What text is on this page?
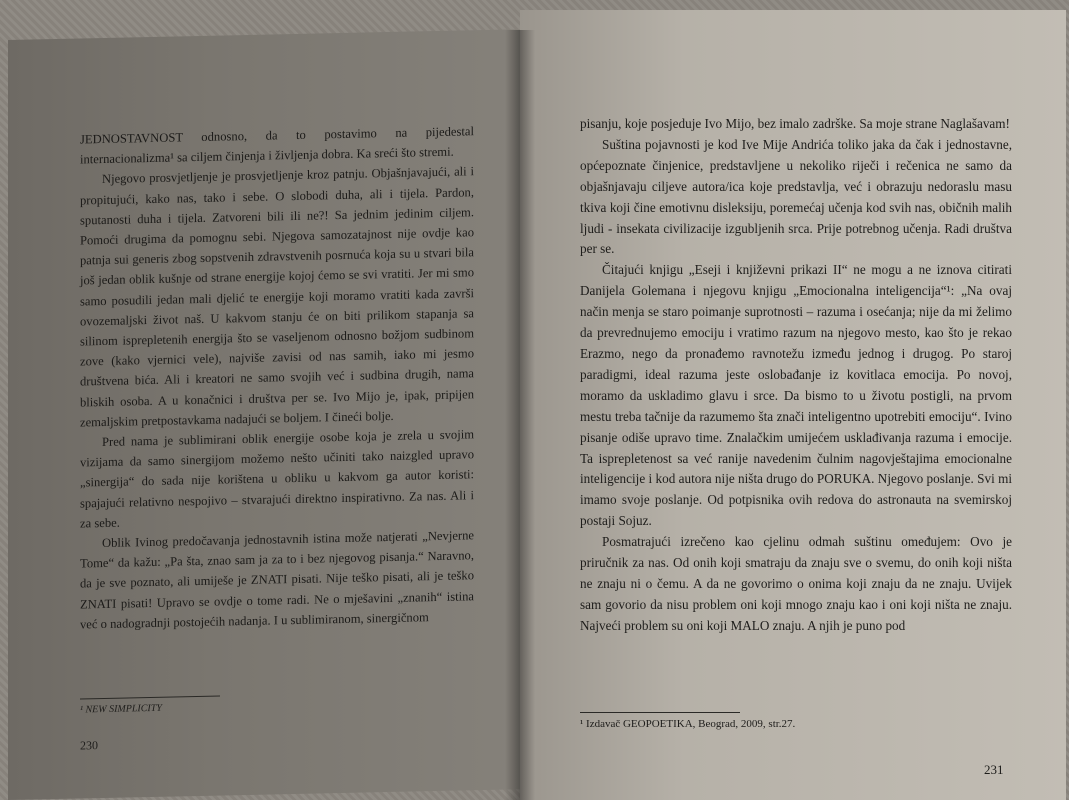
JEDNOSTAVNOST odnosno, da to postavimo na pijedestal internacionalizma¹ sa ciljem činjenja i življenja dobra. Ka sreći što stremi.

Njegovo prosvjetljenje je prosvjetljenje kroz patnju. Objašnjavajući, ali i propitujući, kako nas, tako i sebe. O slobodi duha, ali i tijela. Pardon, sputanosti duha i tijela. Zatvoreni bili ili ne?! Sa jednim jedinim ciljem. Pomoći drugima da pomognu sebi. Njegova samozatajnost nije ovdje kao patnja sui generis zbog sopstvenih zdravstvenih posrnuća koja su u stvari bila još jedan oblik kušnje od strane energije kojoj ćemo se svi vratiti. Jer mi smo samo posudili jedan mali djelić te energije koji moramo vratiti kada završi ovozemaljski život naš. U kakvom stanju će on biti prilikom stapanja sa silinom isprepletenih energija što se vaseljenom odnosno božjom sudbinom zove (kako vjernici vele), najviše zavisi od nas samih, iako mi jesmo društvena bića. Ali i kreatori ne samo svojih već i sudbina drugih, nama bliskih osoba. A u konačnici i društva per se. Ivo Mijo je, ipak, pripijen zemaljskim pretpostavkama nadajući se boljem. I čineći bolje.

Pred nama je sublimirani oblik energije osobe koja je zrela u svojim vizijama da samo sinergijom možemo nešto učiniti tako naizgled upravo „sinergija“ do sada nije korištena u obliku u kakvom ga autor koristi: spajajući relativno nespojivo – stvarajući direktno inspirativno. Za nas. Ali i za sebe.

Oblik Ivinog predočavanja jednostavnih istina može natjerati „Nevjerne Tome“ da kažu: „Pa šta, znao sam ja za to i bez njegovog pisanja.“ Naravno, da je sve poznato, ali umiješe je ZNATI pisati. Nije teško pisati, ali je teško ZNATI pisati! Upravo se ovdje o tome radi. Ne o mješavini „znanih“ istina već o nadogradnji postojećih nadanja. I u sublimiranom, sinergičnom

¹ NEW SIMPLICITY
230

pisanju, koje posjeduje Ivo Mijo, bez imalo zadrške. Sa moje strane Naglašavam!

Suština pojavnosti je kod Ive Mije Andrića toliko jaka da čak i jednostavne, općepoznate činjenice, predstavljene u nekoliko riječi i rečenica ne samo da objašnjavaju ciljeve autora/ica koje predstavlja, već i obrazuju nedoraslu masu tkiva koji čine emotivnu disleksiju, poremećaj učenja kod svih nas, običnih malih ljudi - insekata civilizacije izgubljenih srca. Prije potrebnog učenja. Radi društva per se.

Čitajući knjigu „Eseji i književni prikazi II“ ne mogu a ne iznova citirati Danijela Golemana i njegovu knjigu „Emocionalna inteligencija“¹: „Na ovaj način menja se staro poimanje suprotnosti – razuma i osećanja; nije da mi želimo da prevrednujemo emociju i vratimo razum na njegovo mesto, kao što je rekao Erazmo, nego da pronađemo ravnotežu između jednog i drugog. Po staroj paradigmi, ideal razuma jeste oslobađanje iz kovitlaca emocija. Po novoj, moramo da uskladimo glavu i srce. Da bismo to u životu postigli, na prvom mestu treba tačnije da razumemo šta znači inteligentno upotrebiti emociju“. Ivino pisanje odiše upravo time. Znalačkim umijećem usklađivanja razuma i emocije. Ta isprepletenost sa već ranije navedenim čulnim nagovještajima emocionalne inteligencije i kod autora nije ništa drugo do PORUKA. Njegovo poslanje. Svi mi imamo svoje poslanje. Od potpisnika ovih redova do astronauta na svemirskoj postaji Sojuz.

Posmatrajući izrečeno kao cjelinu odmah suštinu omeđujem: Ovo je priručnik za nas. Od onih koji smatraju da znaju sve o svemu, do onih koji ništa ne znaju ni o čemu. A da ne govorimo o onima koji znaju da ne znaju. Uvijek sam govorio da nisu problem oni koji mnogo znaju kao i oni koji ništa ne znaju. Najveći problem su oni koji MALO znaju. A njih je puno pod

¹ Izdavač GEOPOETIKA, Beograd, 2009, str.27.
231
